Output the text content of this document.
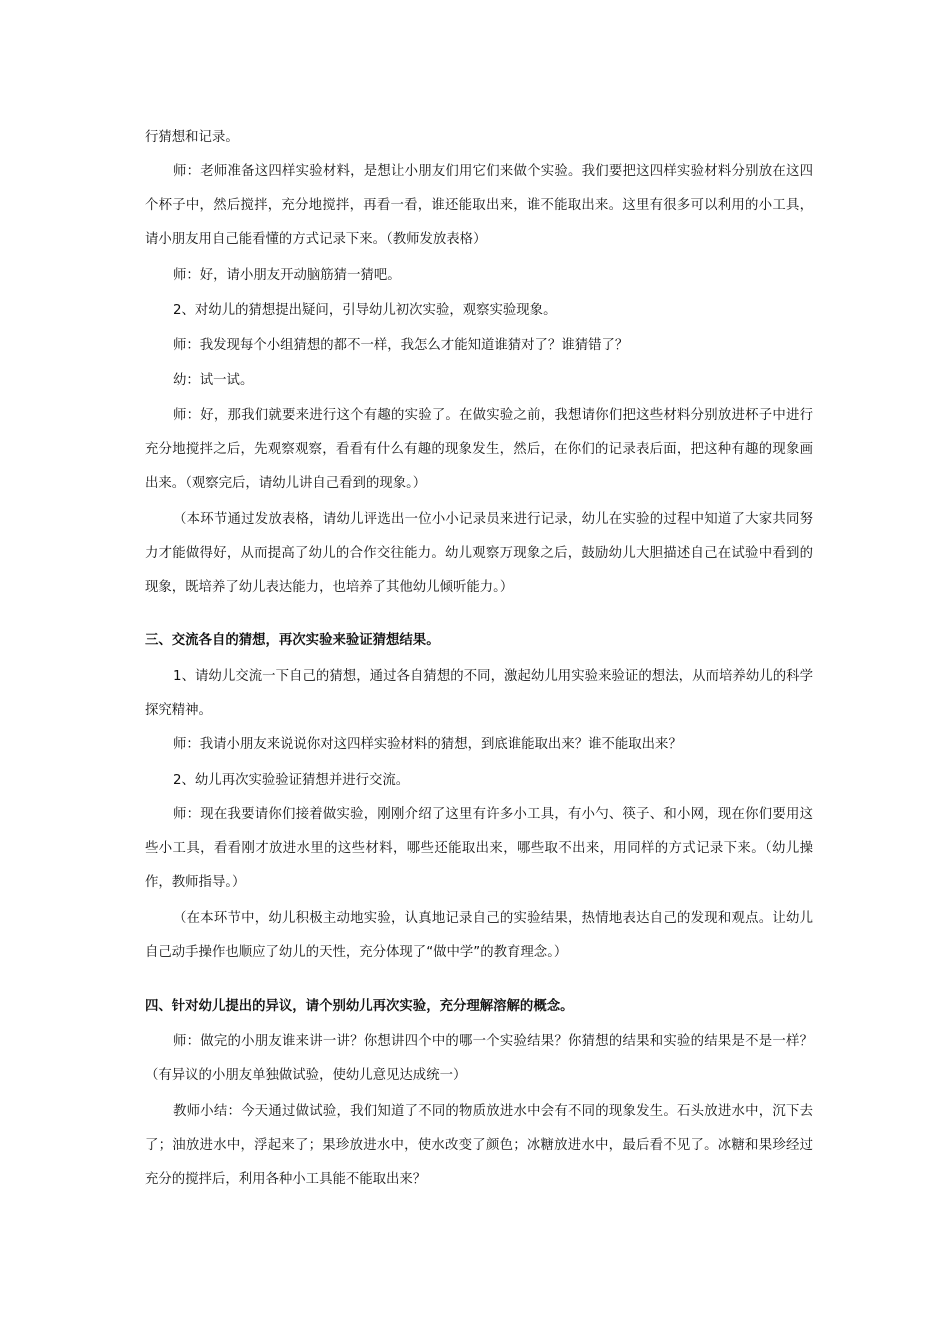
行猜想和记录。

师：老师准备这四样实验材料，是想让小朋友们用它们来做个实验。我们要把这四样实验材料分别放在这四个杯子中，然后搅拌，充分地搅拌，再看一看，谁还能取出来，谁不能取出来。这里有很多可以利用的小工具，请小朋友用自己能看懂的方式记录下来。（教师发放表格）

师：好，请小朋友开动脑筋猜一猜吧。

2、对幼儿的猜想提出疑问，引导幼儿初次实验，观察实验现象。

师：我发现每个小组猜想的都不一样，我怎么才能知道谁猜对了？谁猜错了？

幼：试一试。

师：好，那我们就要来进行这个有趣的实验了。在做实验之前，我想请你们把这些材料分别放进杯子中进行充分地搅拌之后，先观察观察，看看有什么有趣的现象发生，然后，在你们的记录表后面，把这种有趣的现象画出来。（观察完后，请幼儿讲自己看到的现象。）

（本环节通过发放表格，请幼儿评选出一位小小记录员来进行记录，幼儿在实验的过程中知道了大家共同努力才能做得好，从而提高了幼儿的合作交往能力。幼儿观察万现象之后，鼓励幼儿大胆描述自己在试验中看到的现象，既培养了幼儿表达能力，也培养了其他幼儿倾听能力。）

三、交流各自的猜想，再次实验来验证猜想结果。

1、请幼儿交流一下自己的猜想，通过各自猜想的不同，激起幼儿用实验来验证的想法，从而培养幼儿的科学探究精神。

师：我请小朋友来说说你对这四样实验材料的猜想，到底谁能取出来？谁不能取出来？

2、幼儿再次实验验证猜想并进行交流。

师：现在我要请你们接着做实验，刚刚介绍了这里有许多小工具，有小勺、筷子、和小网，现在你们要用这些小工具，看看刚才放进水里的这些材料，哪些还能取出来，哪些取不出来，用同样的方式记录下来。（幼儿操作，教师指导。）

（在本环节中，幼儿积极主动地实验，认真地记录自己的实验结果，热情地表达自己的发现和观点。让幼儿自己动手操作也顺应了幼儿的天性，充分体现了“做中学”的教育理念。）

四、针对幼儿提出的异议，请个别幼儿再次实验，充分理解溶解的概念。

师：做完的小朋友谁来讲一讲？你想讲四个中的哪一个实验结果？你猜想的结果和实验的结果是不是一样？（有异议的小朋友单独做试验，使幼儿意见达成统一）

教师小结：今天通过做试验，我们知道了不同的物质放进水中会有不同的现象发生。石头放进水中，沉下去了；油放进水中，浮起来了；果珍放进水中，使水改变了颜色；冰糖放进水中，最后看不见了。冰糖和果珍经过充分的搅拌后，利用各种小工具能不能取出来？
